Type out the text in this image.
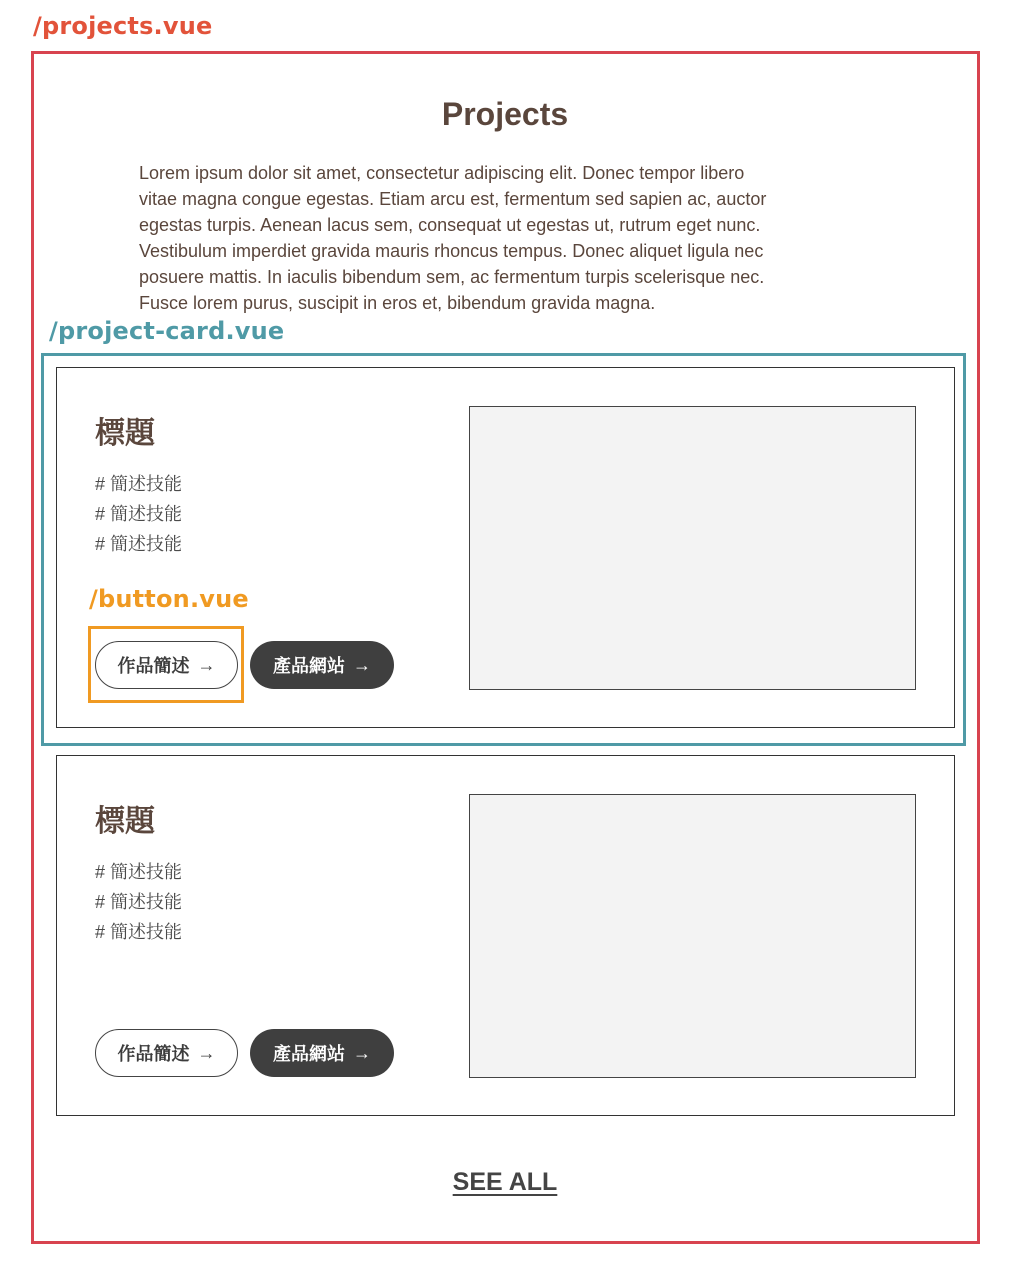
/projects.vue
/project-card.vue
Projects
Lorem ipsum dolor sit amet, consectetur adipiscing elit. Donec tempor libero
vitae magna congue egestas. Etiam arcu est, fermentum sed sapien ac, auctor
egestas turpis. Aenean lacus sem, consequat ut egestas ut, rutrum eget nunc.
Vestibulum imperdiet gravida mauris rhoncus tempus. Donec aliquet ligula nec
posuere mattis. In iaculis bibendum sem, ac fermentum turpis scelerisque nec.
Fusce lorem purus, suscipit in eros et, bibendum gravida magna.
標題
# 簡述技能
# 簡述技能
# 簡述技能
作品簡述 →	產品網站 →
標題
# 簡述技能
# 簡述技能
# 簡述技能
作品簡述 →	產品網站 →
/button.vue
SEE ALL
